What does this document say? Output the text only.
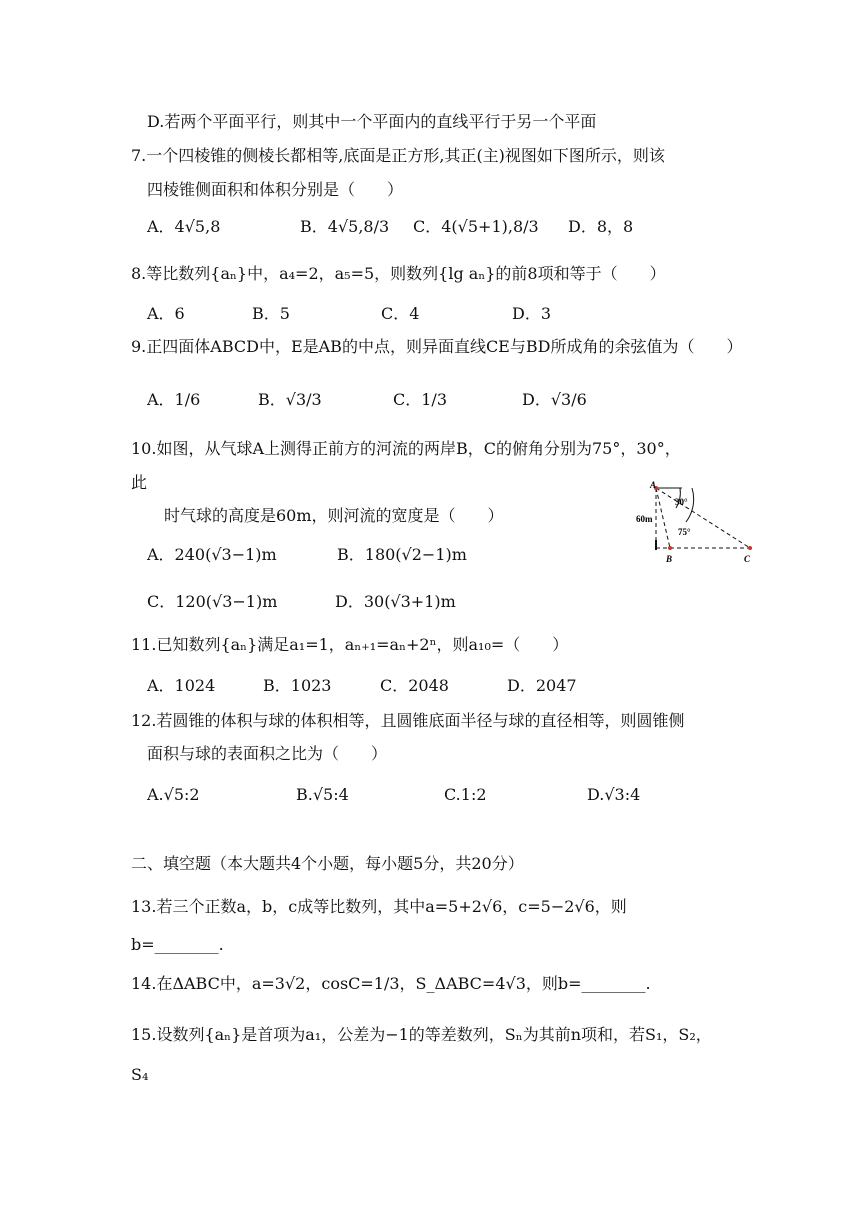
D.若两个平面平行，则其中一个平面内的直线平行于另一个平面
7.一个四棱锥的侧棱长都相等,底面是正方形,其正(主)视图如下图所示，则该
四棱锥侧面积和体积分别是（　　）
A．4√5,8	B．4√5,8/3 C．4(√5+1),8/3 D．8，8
8.等比数列{aₙ}中，a₄=2，a₅=5，则数列{lg aₙ}的前8项和等于（　　）
A．6	B．5	C．4	D．3
9.正四面体ABCD中，E是AB的中点，则异面直线CE与BD所成角的余弦值为（　　）
A．1/6	B．√3/3	C．1/3	D．√3/6
10.如图，从气球A上测得正前方的河流的两岸B，C的俯角分别为75°，30°，
此
时气球的高度是60m，则河流的宽度是（　　）
A．240(√3−1)m	B．180(√2−1)m
C．120(√3−1)m	D．30(√3+1)m
A
30°
75°
60m
B	C
11.已知数列{aₙ}满足a₁=1，aₙ₊₁=aₙ+2ⁿ，则a₁₀=（　　）
A．1024	B．1023	C．2048	D．2047
12.若圆锥的体积与球的体积相等，且圆锥底面半径与球的直径相等，则圆锥侧
面积与球的表面积之比为（　　）
A.√5:2	B.√5:4	C.1:2	D.√3:4
二、填空题（本大题共4个小题，每小题5分，共20分）
13.若三个正数a，b，c成等比数列，其中a=5+2√6，c=5−2√6，则
b=________.
14.在ΔABC中，a=3√2，cosC=1/3，S_ΔABC=4√3，则b=________.
15.设数列{aₙ}是首项为a₁，公差为−1的等差数列，Sₙ为其前n项和，若S₁，S₂，
S₄
